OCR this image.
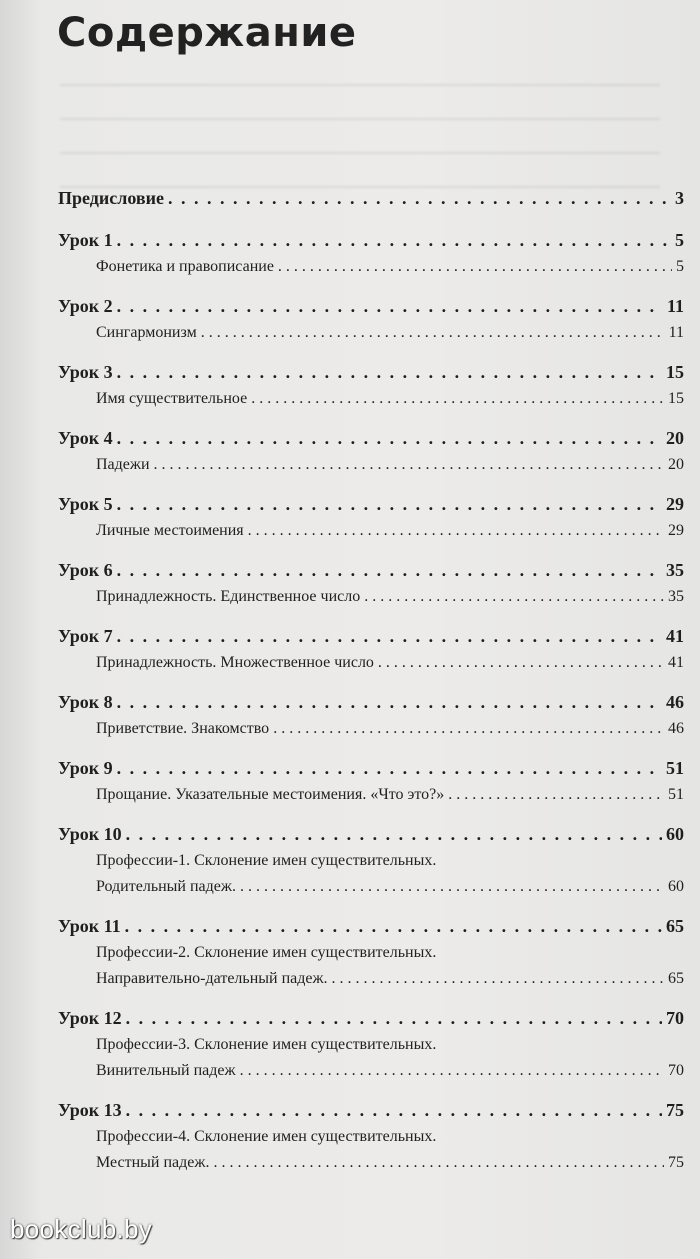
Содержание
Предисловие . . .	3
Урок 1 . . .	5
Фонетика и правописание . . .	5
Урок 2 . . .	11
Сингармонизм . . .	11
Урок 3 . . .	15
Имя существительное . . .	15
Урок 4 . . .	20
Падежи . . .	20
Урок 5 . . .	29
Личные местоимения . . .	29
Урок 6 . . .	35
Принадлежность. Единственное число . . .	35
Урок 7 . . .	41
Принадлежность. Множественное число . . .	41
Урок 8 . . .	46
Приветствие. Знакомство . . .	46
Урок 9 . . .	51
Прощание. Указательные местоимения. «Что это?» . . .	51
Урок 10 . . .	60
Профессии-1. Склонение имен существительных.
Родительный падеж. . . .	60
Урок 11 . . .	65
Профессии-2. Склонение имен существительных.
Направительно-дательный падеж. . . .	65
Урок 12 . . .	70
Профессии-3. Склонение имен существительных.
Винительный падеж . . .	70
Урок 13 . . .	75
Профессии-4. Склонение имен существительных.
Местный падеж. . . .	75
bookclub.by
